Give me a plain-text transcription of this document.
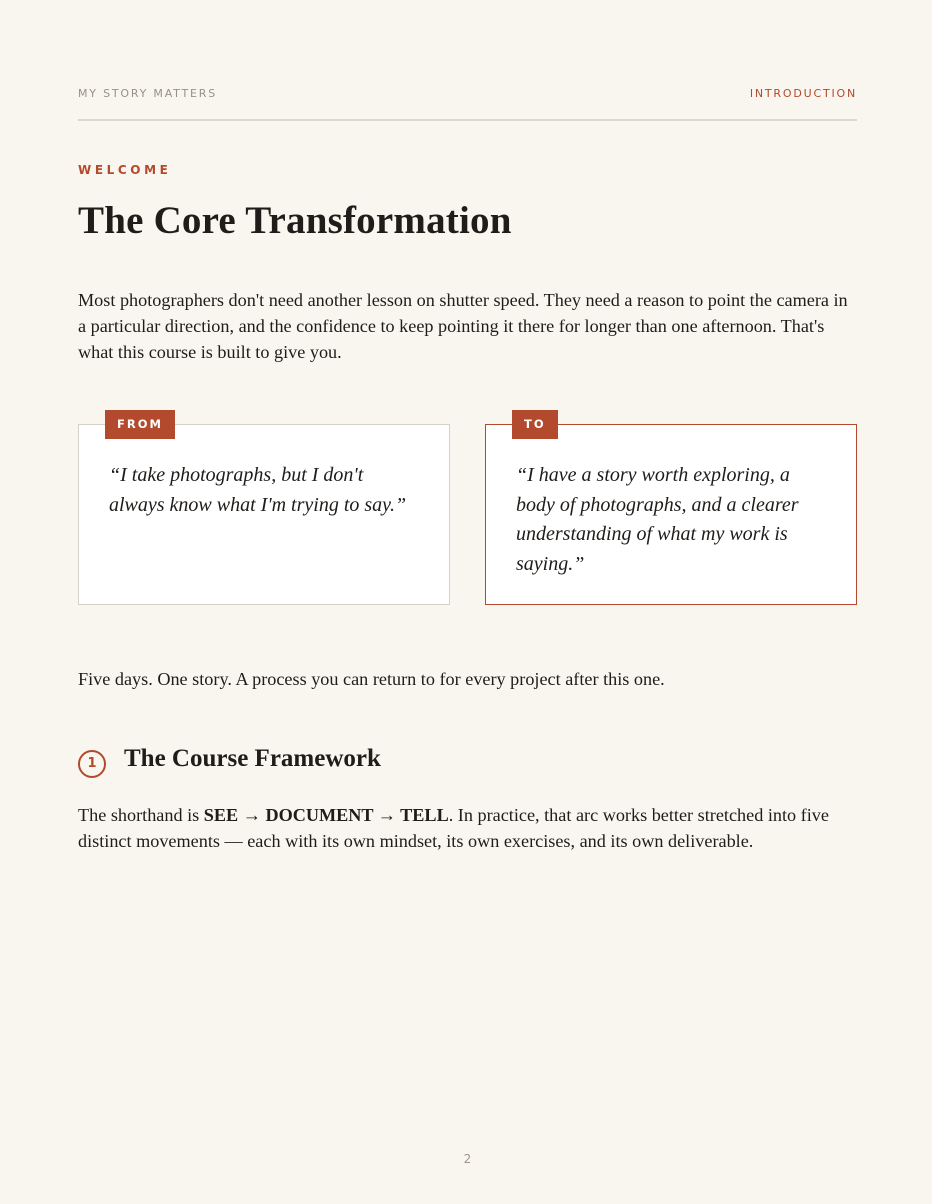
MY STORY MATTERS	INTRODUCTION
WELCOME
The Core Transformation

Most photographers don't need another lesson on shutter speed. They need a reason to point the camera in a particular direction, and the confidence to keep pointing it there for longer than one afternoon. That's what this course is built to give you.

FROM

“I take photographs, but I don't always know what I'm trying to say.”

TO

“I have a story worth exploring, a body of photographs, and a clearer understanding of what my work is saying.”

Five days. One story. A process you can return to for every project after this one.

1	The Course Framework

The shorthand is SEE → DOCUMENT → TELL. In practice, that arc works better stretched into five distinct movements — each with its own mindset, its own exercises, and its own deliverable.

2
